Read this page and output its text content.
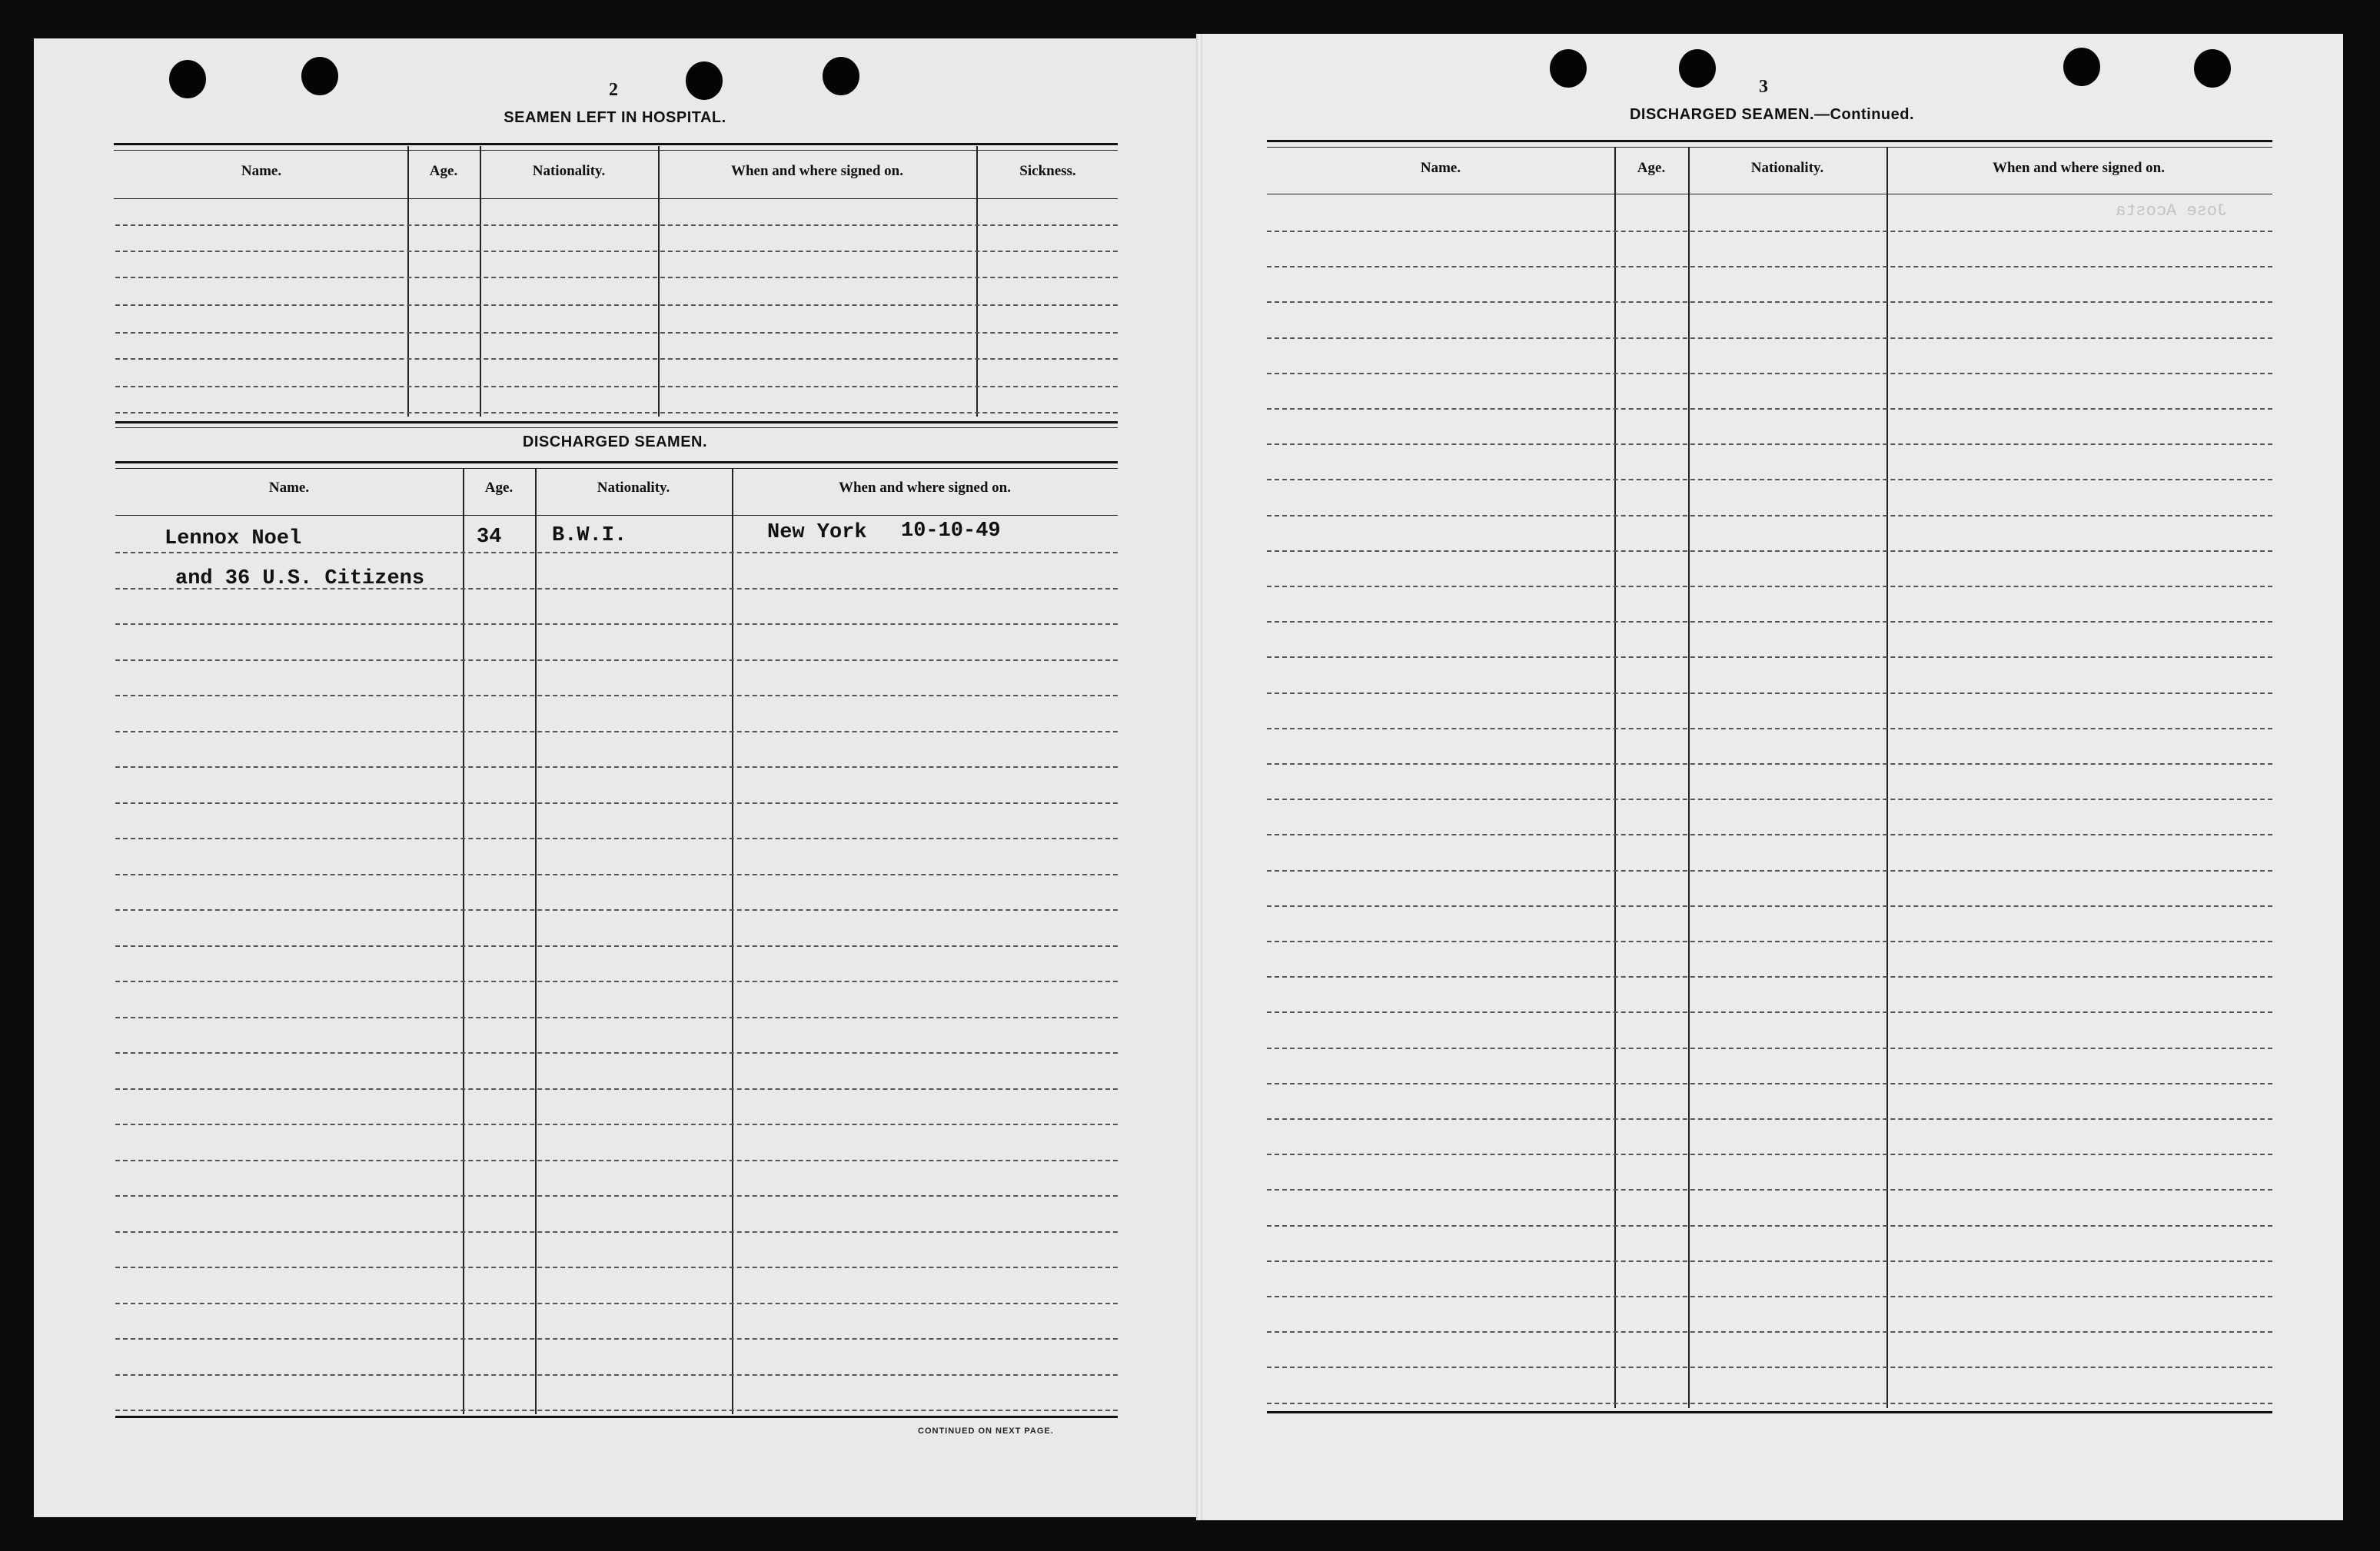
2
SEAMEN LEFT IN HOSPITAL.
Name.	Age.	Nationality.	When and where signed on.	Sickness.
DISCHARGED SEAMEN.
Name.	Age.	Nationality.	When and where signed on.
Lennox Noel	34 B.W.I.	New York 10-10-49
and 36 U.S. Citizens
CONTINUED ON NEXT PAGE.
3
DISCHARGED SEAMEN.—Continued.
Name.	Age.	Nationality.	When and where signed on.
Jose Acosta
